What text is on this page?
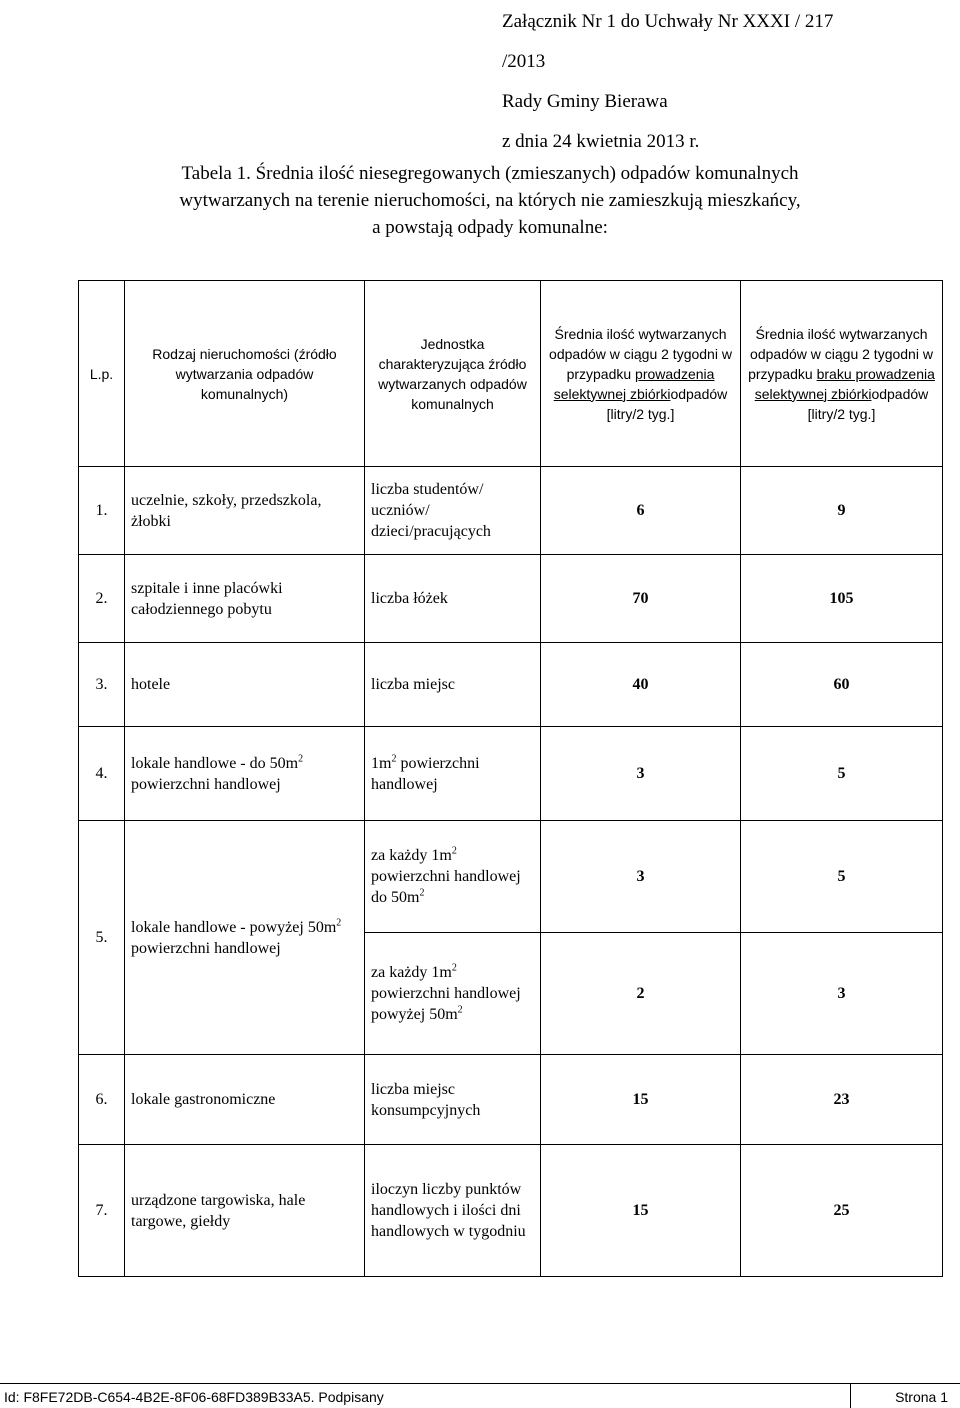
Załącznik Nr 1 do Uchwały Nr XXXI / 217
/2013
Rady Gminy Bierawa
z dnia 24 kwietnia 2013 r.
Tabela 1. Średnia ilość niesegregowanych (zmieszanych) odpadów komunalnych
wytwarzanych na terenie nieruchomości, na których nie zamieszkują mieszkańcy,
a powstają odpady komunalne:
L.p.	Rodzaj nieruchomości (źródło wytwarzania odpadów komunalnych)	Jednostka charakteryzująca źródło wytwarzanych odpadów komunalnych	Średnia ilość wytwarzanych odpadów w ciągu 2 tygodni w przypadku prowadzenia selektywnej zbiórkiodpadów [litry/2 tyg.]	Średnia ilość wytwarzanych odpadów w ciągu 2 tygodni w przypadku braku prowadzenia selektywnej zbiórkiodpadów [litry/2 tyg.]
1.	uczelnie, szkoły, przedszkola, żłobki	liczba studentów/ uczniów/ dzieci/pracujących	6	9
2.	szpitale i inne placówki całodziennego pobytu	liczba łóżek	70	105
3.	hotele	liczba miejsc	40	60
4.	lokale handlowe - do $50m^2$ powierzchni handlowej	$1m^2$ powierzchni handlowej	3	5
5.	lokale handlowe - powyżej $50m^2$ powierzchni handlowej	za każdy $1m^2$ powierzchni handlowej do $50m^2$	3	5
		za każdy $1m^2$ powierzchni handlowej powyżej $50m^2$	2	3
6.	lokale gastronomiczne	liczba miejsc konsumpcyjnych	15	23
7.	urządzone targowiska, hale targowe, giełdy	iloczyn liczby punktów handlowych i ilości dni handlowych w tygodniu	15	25
Id: F8FE72DB-C654-4B2E-8F06-68FD389B33A5. Podpisany	Strona 1
